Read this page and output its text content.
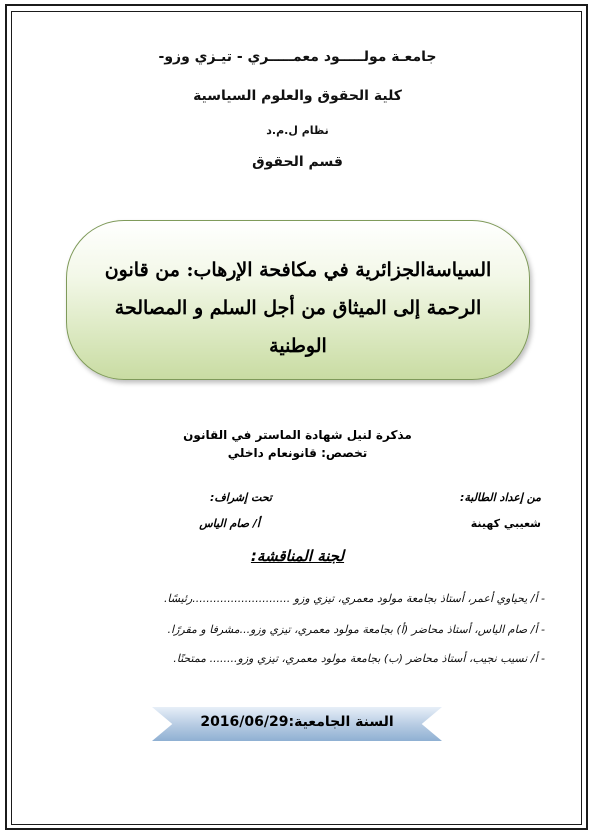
جامعـة مولـــــود معمـــــري - تيـزي وزو-
كلية الحقوق والعلوم السياسية
نظام ل.م.د
قسم الحقوق
السياسةالجزائرية في مكافحة الإرهاب: من قانون الرحمة إلى الميثاق من أجل السلم و المصالحة الوطنية
مذكرة لنيل شهادة الماستر في القانون
تخصص: قانونعام داخلي
من إعداد الطالبة:
شعيبي كهينة
تحت إشراف:
أ/ صام الياس
لجنة المناقشة:
- أ/ يحياوي أعمر، أستاذ بجامعة مولود معمري، تيزي وزو ............................رئيسًا.
- أ/ صام الياس، أستاذ محاضر (أ) بجامعة مولود معمري، تيزي وزو...مشرفا و مقررًا.
- أ/ نسيب نجيب، أستاذ محاضر (ب) بجامعة مولود معمري، تيزي وزو........ ممتحنًا.
السنة الجامعية:2016/06/29
